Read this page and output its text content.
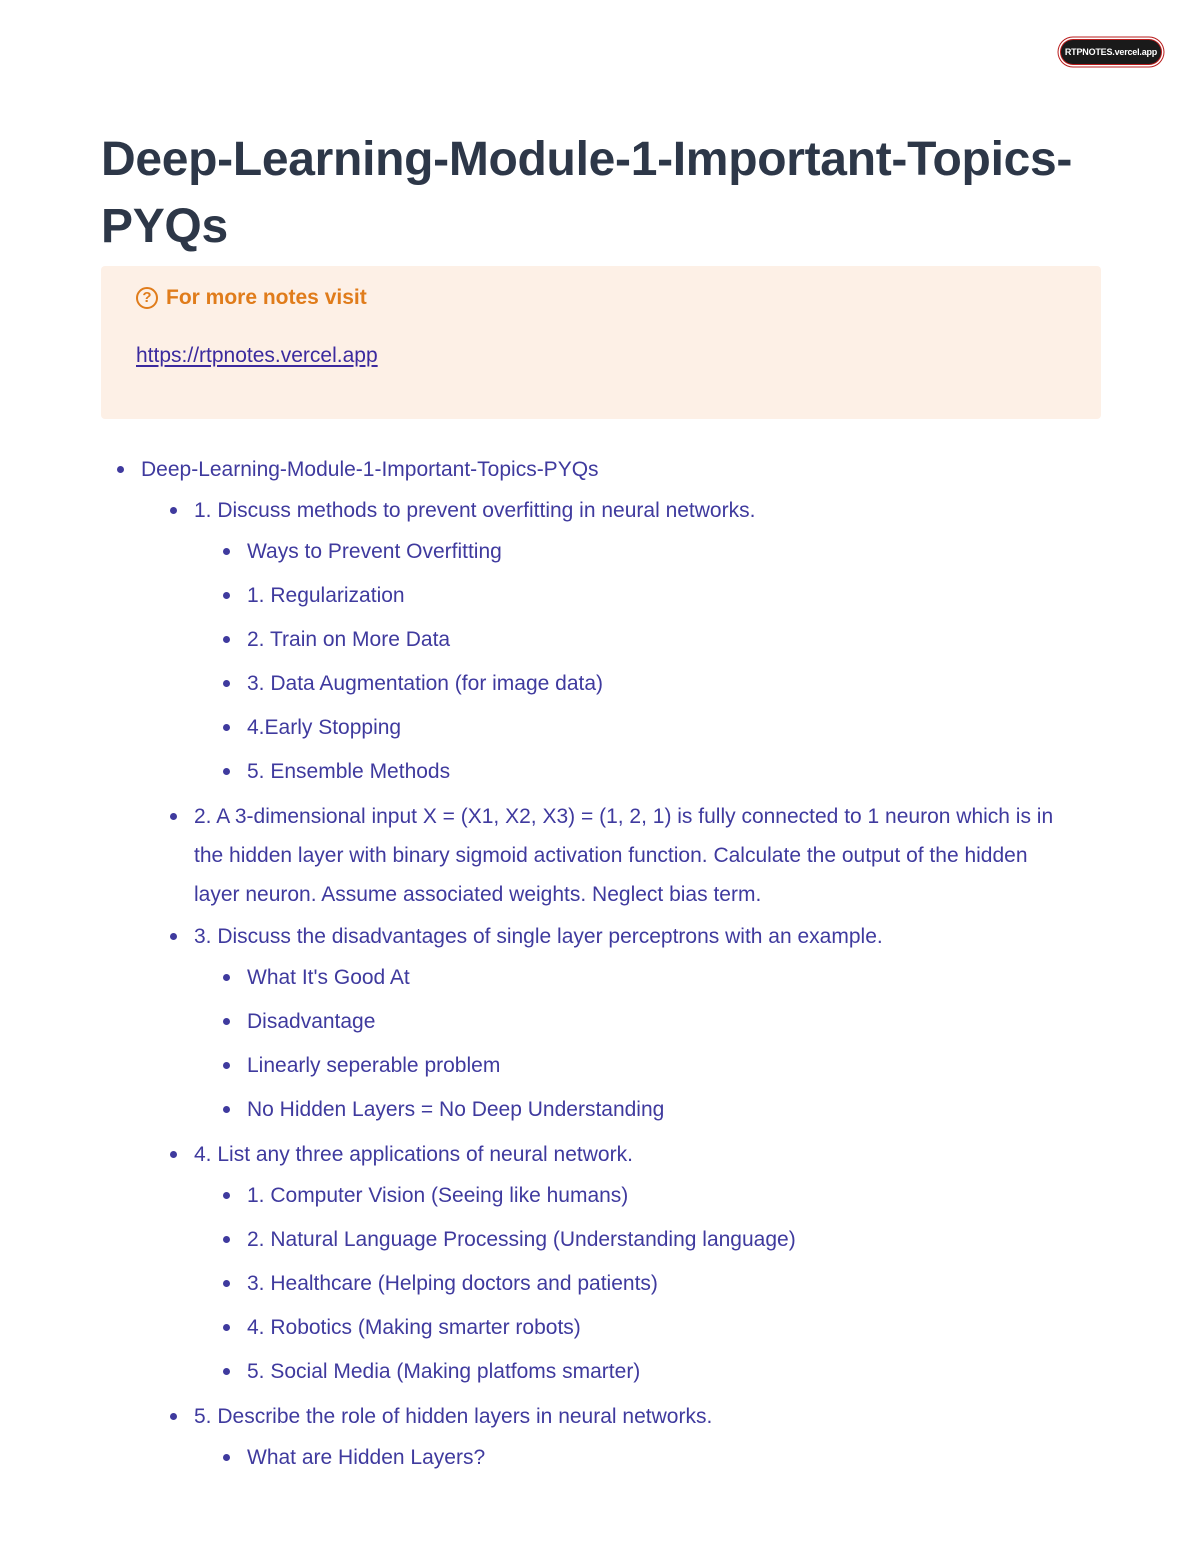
RTPNOTES.vercel.app
Deep-Learning-Module-1-Important-Topics-PYQs
? For more notes visit
https://rtpnotes.vercel.app
Deep-Learning-Module-1-Important-Topics-PYQs
1. Discuss methods to prevent overfitting in neural networks.
Ways to Prevent Overfitting
1. Regularization
2. Train on More Data
3. Data Augmentation (for image data)
4.Early Stopping
5. Ensemble Methods
2. A 3-dimensional input X = (X1, X2, X3) = (1, 2, 1) is fully connected to 1 neuron which is in the hidden layer with binary sigmoid activation function. Calculate the output of the hidden layer neuron. Assume associated weights. Neglect bias term.
3. Discuss the disadvantages of single layer perceptrons with an example.
What It's Good At
Disadvantage
Linearly seperable problem
No Hidden Layers = No Deep Understanding
4. List any three applications of neural network.
1. Computer Vision (Seeing like humans)
2. Natural Language Processing (Understanding language)
3. Healthcare (Helping doctors and patients)
4. Robotics (Making smarter robots)
5. Social Media (Making platfoms smarter)
5. Describe the role of hidden layers in neural networks.
What are Hidden Layers?
